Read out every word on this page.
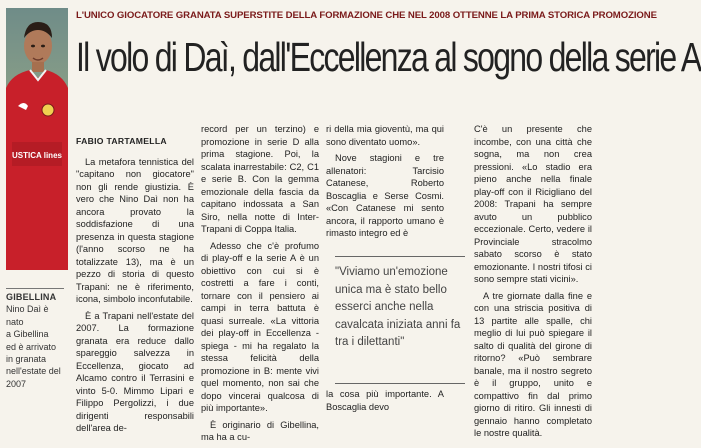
USTICA lines
L'UNICO GIOCATORE GRANATA SUPERSTITE DELLA FORMAZIONE CHE NEL 2008 OTTENNE LA PRIMA STORICA PROMOZIONE
Il volo di Daì, dall'Eccellenza al sogno della serie A
GIBELLINA
Nino Daì è nato
a Gibellina
ed è arrivato
in granata
nell'estate del 2007
FABIO TARTAMELLA

La metafora tennistica del "capitano non giocatore" non gli rende giustizia. È vero che Nino Daì non ha ancora provato la soddisfazione di una presenza in questa stagione (l'anno scorso ne ha totalizzate 13), ma è un pezzo di storia di questo Trapani: ne è riferimento, icona, simbolo inconfutabile.

È a Trapani nell'estate del 2007. La formazione granata era reduce dallo spareggio salvezza in Eccellenza, giocato ad Alcamo contro il Terrasini e vinto 5-0. Mimmo Lipari e Filippo Pergolizzi, i due dirigenti responsabili dell'area de-

record per un terzino) e promozione in serie D alla prima stagione. Poi, la scalata inarrestabile: C2, C1 e serie B. Con la gemma emozionale della fascia da capitano indossata a San Siro, nella notte di Inter-Trapani di Coppa Italia.

Adesso che c'è profumo di play-off e la serie A è un obiettivo con cui si è costretti a fare i conti, tornare con il pensiero ai campi in terra battuta è quasi surreale. «La vittoria dei play-off in Eccellenza - spiega - mi ha regalato la stessa felicità della promozione in B: mente vivi quel momento, non sai che dopo vincerai qualcosa di più importante».

È originario di Gibellina, ma ha a cu-

ri della mia gioventù, ma qui sono diventato uomo».

Nove stagioni e tre allenatori: Tarcisio Catanese, Roberto Boscaglia e Serse Cosmi. «Con Catanese mi sento ancora, il rapporto umano è rimasto integro ed è

"Viviamo un'emozione unica ma è stato bello esserci anche nella cavalcata iniziata anni fa tra i dilettanti"

la cosa più importante. A Boscaglia devo

C'è un presente che incombe, con una città che sogna, ma non crea pressioni. «Lo stadio era pieno anche nella finale play-off con il Ricigliano del 2008: Trapani ha sempre avuto un pubblico eccezionale. Certo, vedere il Provinciale stracolmo sabato scorso è stato emozionante. I nostri tifosi ci sono sempre stati vicini».

A tre giornate dalla fine e con una striscia positiva di 13 partite alle spalle, chi meglio di lui può spiegare il salto di qualità del girone di ritorno? «Può sembrare banale, ma il nostro segreto è il gruppo, unito e compattivo fin dal primo giorno di ritiro. Gli innesti di gennaio hanno completato le nostre qualità.
